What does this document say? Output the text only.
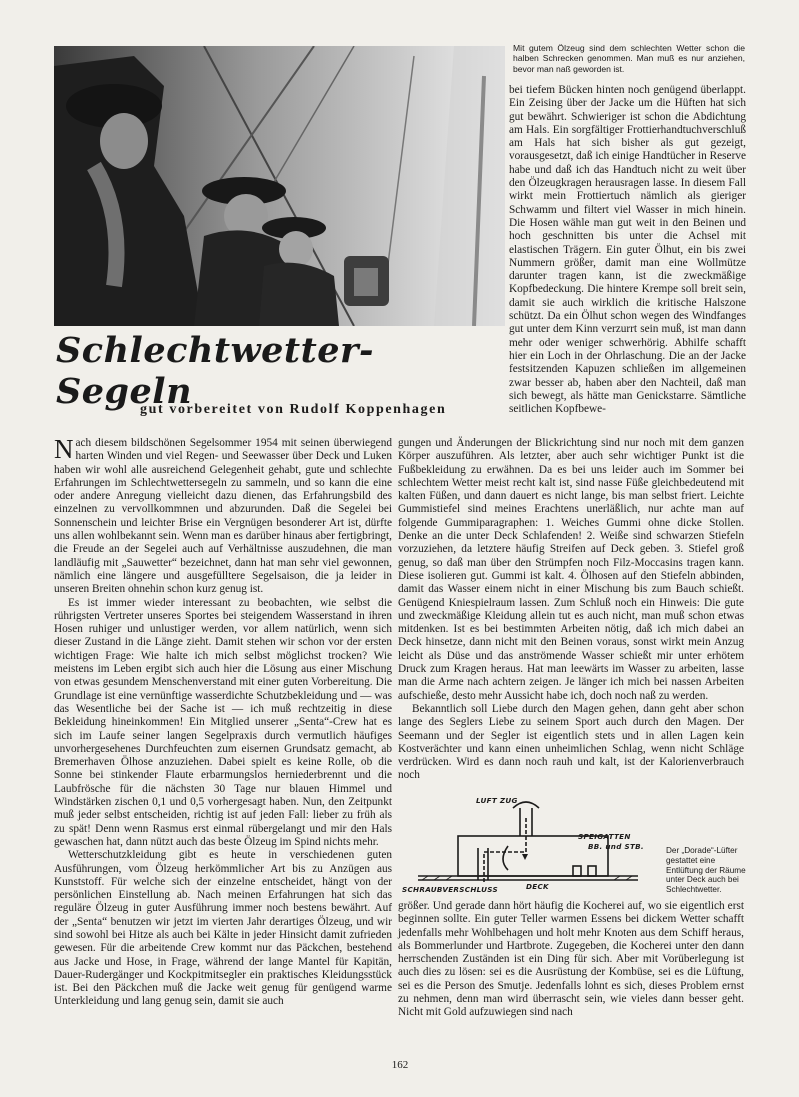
Mit gutem Ölzeug sind dem schlechten Wetter schon die halben Schrecken genommen. Man muß es nur anziehen, bevor man naß geworden ist.
Schlechtwetter-Segeln
gut vorbereitet von Rudolf Koppenhagen

bei tiefem Bücken hinten noch genügend überlappt. Ein Zeising über der Jacke um die Hüften hat sich gut bewährt. Schwieriger ist schon die Abdichtung am Hals. Ein sorgfältiger Frottierhandtuchverschluß am Hals hat sich bisher als gut gezeigt, vorausgesetzt, daß ich einige Handtücher in Reserve habe und daß ich das Handtuch nicht zu weit über den Ölzeugkragen herausragen lasse. In diesem Fall wirkt mein Frottiertuch nämlich als gieriger Schwamm und filtert viel Wasser in mich hinein. Die Hosen wähle man gut weit in den Beinen und hoch geschnitten bis unter die Achsel mit elastischen Trägern. Ein guter Ölhut, ein bis zwei Nummern größer, damit man eine Wollmütze darunter tragen kann, ist die zweckmäßige Kopfbedeckung. Die hintere Krempe soll breit sein, damit sie auch wirklich die kritische Halszone schützt. Da ein Ölhut schon wegen des Windfanges gut unter dem Kinn verzurrt sein muß, ist man dann mehr oder weniger schwerhörig. Abhilfe schafft hier ein Loch in der Ohrlaschung. Die an der Jacke festsitzenden Kapuzen schließen im allgemeinen zwar besser ab, haben aber den Nachteil, daß man sich bewegt, als hätte man Genickstarre. Sämtliche seitlichen Kopfbewe-

Nach diesem bildschönen Segelsommer 1954 mit seinen überwiegend harten Winden und viel Regen- und Seewasser über Deck und Luken haben wir wohl alle ausreichend Gelegenheit gehabt, gute und schlechte Erfahrungen im Schlechtwettersegeln zu sammeln, und so kann die eine oder andere Anregung vielleicht dazu dienen, das Erfahrungsbild des einzelnen zu vervollkommnen und abzurunden. Daß die Segelei bei Sonnenschein und leichter Brise ein Vergnügen besonderer Art ist, dürfte uns allen wohlbekannt sein. Wenn man es darüber hinaus aber fertigbringt, die Freude an der Segelei auch auf Verhältnisse auszudehnen, die man landläufig mit „Sauwetter“ bezeichnet, dann hat man sehr viel gewonnen, nämlich eine längere und ausgefülltere Segelsaison, die ja leider in unseren Breiten ohnehin schon kurz genug ist.

Es ist immer wieder interessant zu beobachten, wie selbst die rührigsten Vertreter unseres Sportes bei steigendem Wasserstand in ihren Hosen ruhiger und unlustiger werden, vor allem natürlich, wenn sich dieser Zustand in die Länge zieht. Damit stehen wir schon vor der ersten wichtigen Frage: Wie halte ich mich selbst möglichst trocken? Wie meistens im Leben ergibt sich auch hier die Lösung aus einer Mischung von etwas gesundem Menschenverstand mit einer guten Vorbereitung. Die Grundlage ist eine vernünftige wasserdichte Schutzbekleidung und — was das Wesentliche bei der Sache ist — ich muß rechtzeitig in diese Bekleidung hineinkommen! Ein Mitglied unserer „Senta“-Crew hat es sich im Laufe seiner langen Segelpraxis durch vermutlich häufiges unvorhergesehenes Durchfeuchten zum eisernen Grundsatz gemacht, ab Bremerhaven Ölhose anzuziehen. Dabei spielt es keine Rolle, ob die Sonne bei stinkender Flaute erbarmungslos herniederbrennt und die Laubfrösche für die nächsten 30 Tage nur blauen Himmel und Windstärken zischen 0,1 und 0,5 vorhergesagt haben. Nun, den Zeitpunkt muß jeder selbst entscheiden, richtig ist auf jeden Fall: lieber zu früh als zu spät! Denn wenn Rasmus erst einmal rübergelangt und mir den Hals gewaschen hat, dann nützt auch das beste Ölzeug im Spind nichts mehr.

Wetterschutzkleidung gibt es heute in verschiedenen guten Ausführungen, vom Ölzeug herkömmlicher Art bis zu Anzügen aus Kunststoff. Für welche sich der einzelne entscheidet, hängt von der persönlichen Einstellung ab. Nach meinen Erfahrungen hat sich das reguläre Ölzeug in guter Ausführung immer noch bestens bewährt. Auf der „Senta“ benutzen wir jetzt im vierten Jahr derartiges Ölzeug, und wir sind sowohl bei Hitze als auch bei Kälte in jeder Hinsicht damit zufrieden gewesen. Für die arbeitende Crew kommt nur das Päckchen, bestehend aus Jacke und Hose, in Frage, während der lange Mantel für Kapitän, Dauer-Rudergänger und Kockpitmitsegler ein praktisches Kleidungsstück ist. Bei den Päckchen muß die Jacke weit genug für genügend warme Unterkleidung und lang genug sein, damit sie auch

gungen und Änderungen der Blickrichtung sind nur noch mit dem ganzen Körper auszuführen. Als letzter, aber auch sehr wichtiger Punkt ist die Fußbekleidung zu erwähnen. Da es bei uns leider auch im Sommer bei schlechtem Wetter meist recht kalt ist, sind nasse Füße gleichbedeutend mit kalten Füßen, und dann dauert es nicht lange, bis man selbst friert. Leichte Gummistiefel sind meines Erachtens unerläßlich, nur achte man auf folgende Gummiparagraphen: 1. Weiches Gummi ohne dicke Stollen. Denke an die unter Deck Schlafenden! 2. Weiße sind schwarzen Stiefeln vorzuziehen, da letztere häufig Streifen auf Deck geben. 3. Stiefel groß genug, so daß man über den Strümpfen noch Filz-Moccasins tragen kann. Diese isolieren gut. Gummi ist kalt. 4. Ölhosen auf den Stiefeln abbinden, damit das Wasser einem nicht in einer Mischung bis zum Bauch schießt. Genügend Kniespielraum lassen. Zum Schluß noch ein Hinweis: Die gute und zweckmäßige Kleidung allein tut es auch nicht, man muß schon etwas mitdenken. Ist es bei bestimmten Arbeiten nötig, daß ich mich dabei an Deck hinsetze, dann nicht mit den Beinen voraus, sonst wirkt mein Anzug leicht als Düse und das anströmende Wasser schießt mir unter erhötem Druck zum Kragen heraus. Hat man leewärts im Wasser zu arbeiten, lasse man die Arme nach achtern zeigen. Je länger ich mich bei nassen Arbeiten aufschieße, desto mehr Aussicht habe ich, doch noch naß zu werden.

Bekanntlich soll Liebe durch den Magen gehen, dann geht aber schon lange des Seglers Liebe zu seinem Sport auch durch den Magen. Der Seemann und der Segler ist eigentlich stets und in allen Lagen kein Kostverächter und kann einen unheimlichen Schlag, wenn nicht Schläge verdrücken. Wird es dann noch rauh und kalt, ist der Kalorienverbrauch noch

LUFT ZUG
SPEIGATTEN
BB. und STB.
DECK
SCHRAUBVERSCHLUSS
Der „Dorade“-Lüfter gestattet eine Entlüftung der Räume unter Deck auch bei Schlechtwetter.

größer. Und gerade dann hört häufig die Kocherei auf, wo sie eigentlich erst beginnen sollte. Ein guter Teller warmen Essens bei dickem Wetter schafft jedenfalls mehr Wohlbehagen und holt mehr Knoten aus dem Schiff heraus, als Bommerlunder und Hartbrote. Zugegeben, die Kocherei unter den dann herrschenden Zuständen ist ein Ding für sich. Aber mit Vorüberlegung ist auch dies zu lösen: sei es die Ausrüstung der Kombüse, sei es die Lüftung, sei es die Person des Smutje. Jedenfalls lohnt es sich, dieses Problem ernst zu nehmen, denn man wird überrascht sein, wie vieles dann besser geht. Nicht mit Gold aufzuwiegen sind nach

162
